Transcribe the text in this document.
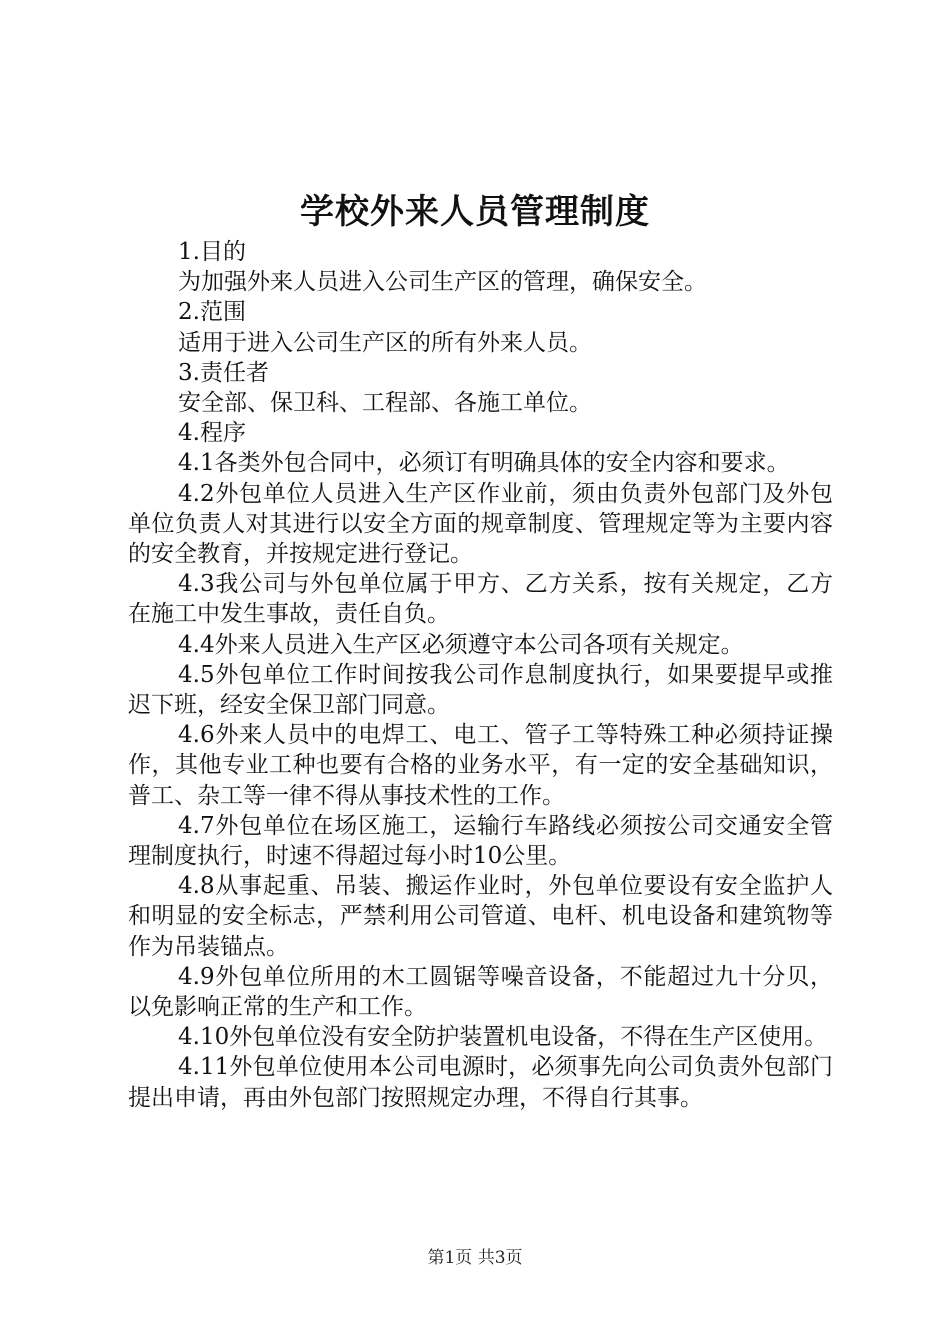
学校外来人员管理制度

1.目的

为加强外来人员进入公司生产区的管理，确保安全。

2.范围

适用于进入公司生产区的所有外来人员。

3.责任者

安全部、保卫科、工程部、各施工单位。

4.程序

4.1各类外包合同中，必须订有明确具体的安全内容和要求。

4.2外包单位人员进入生产区作业前，须由负责外包部门及外包单位负责人对其进行以安全方面的规章制度、管理规定等为主要内容的安全教育，并按规定进行登记。

4.3我公司与外包单位属于甲方、乙方关系，按有关规定，乙方在施工中发生事故，责任自负。

4.4外来人员进入生产区必须遵守本公司各项有关规定。

4.5外包单位工作时间按我公司作息制度执行，如果要提早或推迟下班，经安全保卫部门同意。

4.6外来人员中的电焊工、电工、管子工等特殊工种必须持证操作，其他专业工种也要有合格的业务水平，有一定的安全基础知识，普工、杂工等一律不得从事技术性的工作。

4.7外包单位在场区施工，运输行车路线必须按公司交通安全管理制度执行，时速不得超过每小时10公里。

4.8从事起重、吊装、搬运作业时，外包单位要设有安全监护人和明显的安全标志，严禁利用公司管道、电杆、机电设备和建筑物等作为吊装锚点。

4.9外包单位所用的木工圆锯等噪音设备，不能超过九十分贝，以免影响正常的生产和工作。

4.10外包单位没有安全防护装置机电设备，不得在生产区使用。

4.11外包单位使用本公司电源时，必须事先向公司负责外包部门提出申请，再由外包部门按照规定办理，不得自行其事。

第1页 共3页
